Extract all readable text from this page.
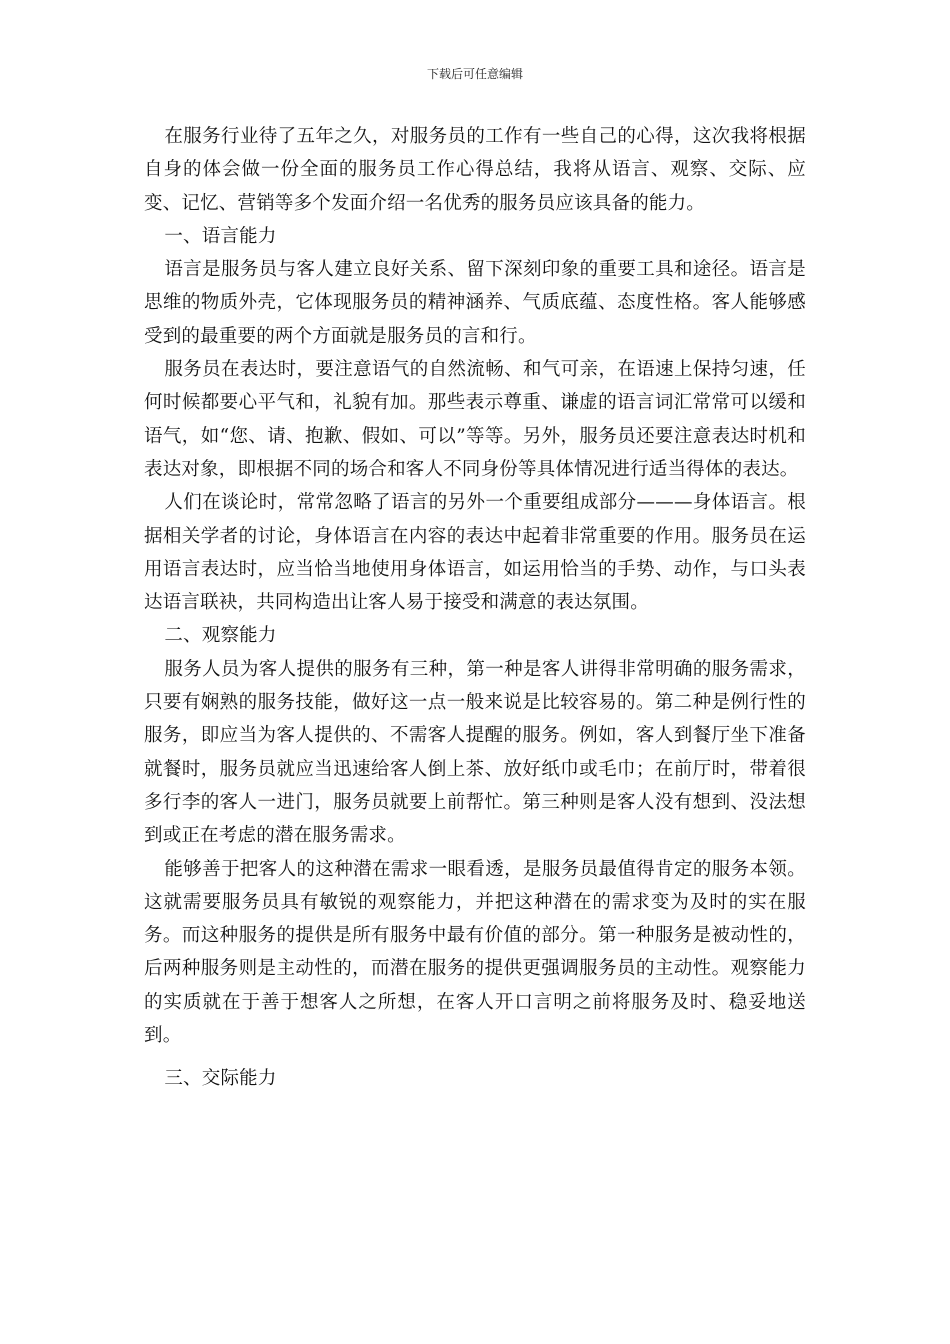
下载后可任意编辑

在服务行业待了五年之久，对服务员的工作有一些自己的心得，这次我将根据自身的体会做一份全面的服务员工作心得总结，我将从语言、观察、交际、应变、记忆、营销等多个发面介绍一名优秀的服务员应该具备的能力。

一、语言能力

语言是服务员与客人建立良好关系、留下深刻印象的重要工具和途径。语言是思维的物质外壳，它体现服务员的精神涵养、气质底蕴、态度性格。客人能够感受到的最重要的两个方面就是服务员的言和行。

服务员在表达时，要注意语气的自然流畅、和气可亲，在语速上保持匀速，任何时候都要心平气和，礼貌有加。那些表示尊重、谦虚的语言词汇常常可以缓和语气，如“您、请、抱歉、假如、可以”等等。另外，服务员还要注意表达时机和表达对象，即根据不同的场合和客人不同身份等具体情况进行适当得体的表达。

人们在谈论时，常常忽略了语言的另外一个重要组成部分———身体语言。根据相关学者的讨论，身体语言在内容的表达中起着非常重要的作用。服务员在运用语言表达时，应当恰当地使用身体语言，如运用恰当的手势、动作，与口头表达语言联袂，共同构造出让客人易于接受和满意的表达氛围。

二、观察能力

服务人员为客人提供的服务有三种，第一种是客人讲得非常明确的服务需求，只要有娴熟的服务技能，做好这一点一般来说是比较容易的。第二种是例行性的服务，即应当为客人提供的、不需客人提醒的服务。例如，客人到餐厅坐下准备就餐时，服务员就应当迅速给客人倒上茶、放好纸巾或毛巾；在前厅时，带着很多行李的客人一进门，服务员就要上前帮忙。第三种则是客人没有想到、没法想到或正在考虑的潜在服务需求。

能够善于把客人的这种潜在需求一眼看透，是服务员最值得肯定的服务本领。这就需要服务员具有敏锐的观察能力，并把这种潜在的需求变为及时的实在服务。而这种服务的提供是所有服务中最有价值的部分。第一种服务是被动性的，后两种服务则是主动性的，而潜在服务的提供更强调服务员的主动性。观察能力的实质就在于善于想客人之所想，在客人开口言明之前将服务及时、稳妥地送到。

三、交际能力
